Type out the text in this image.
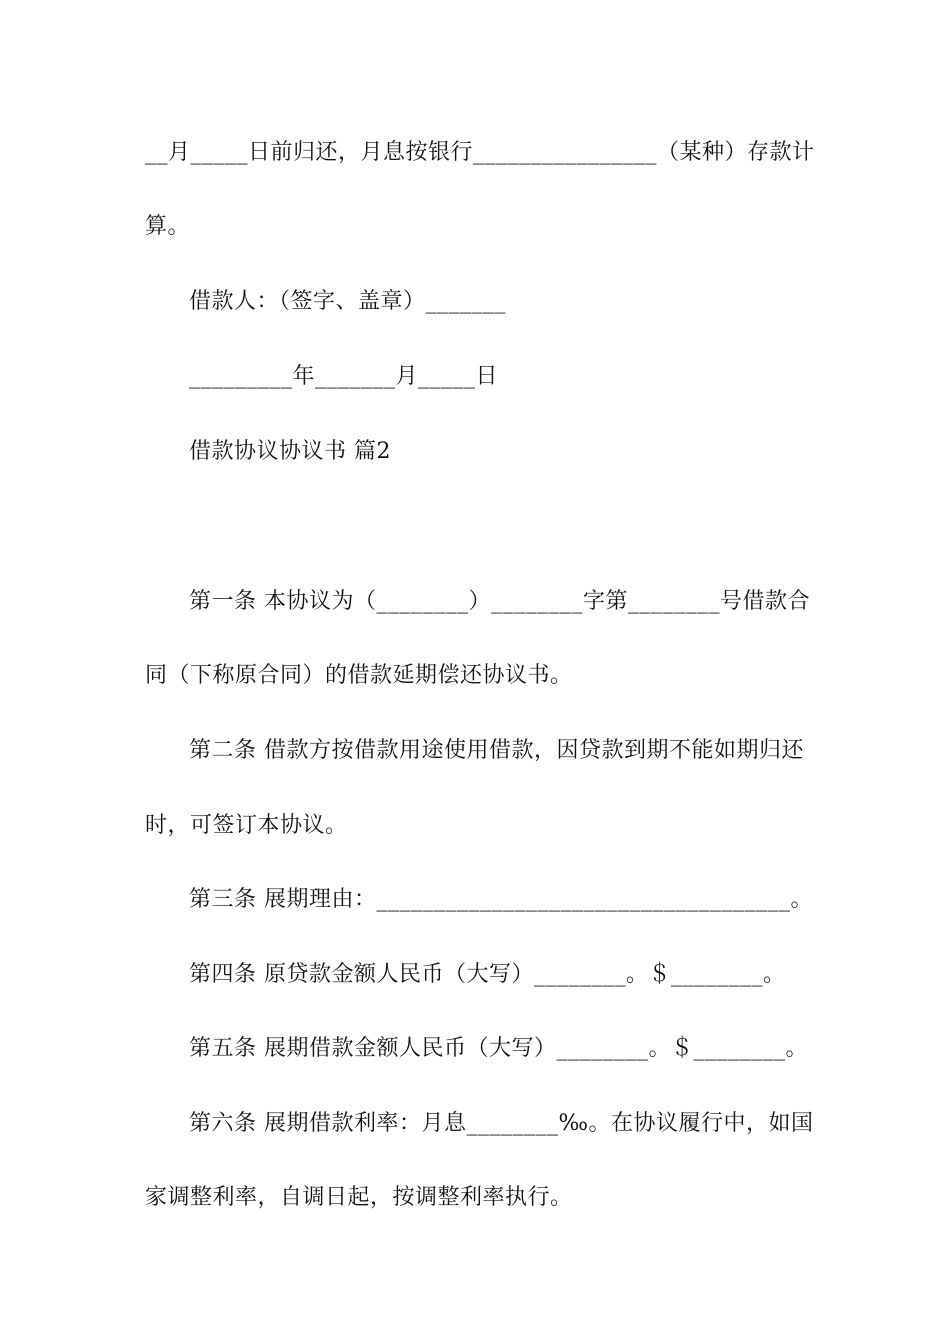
__月_____日前归还，月息按银行________________（某种）存款计
算。
借款人：（签字、盖章）_______
_________年_______月_____日
借款协议协议书 篇2
第一条 本协议为（________）________字第________号借款合
同（下称原合同）的借款延期偿还协议书。
第二条 借款方按借款用途使用借款，因贷款到期不能如期归还
时，可签订本协议。
第三条 展期理由：____________________________________。
第四条 原贷款金额人民币（大写）________。＄________。
第五条 展期借款金额人民币（大写）________。＄________。
第六条 展期借款利率：月息________‰。在协议履行中，如国
家调整利率，自调日起，按调整利率执行。
